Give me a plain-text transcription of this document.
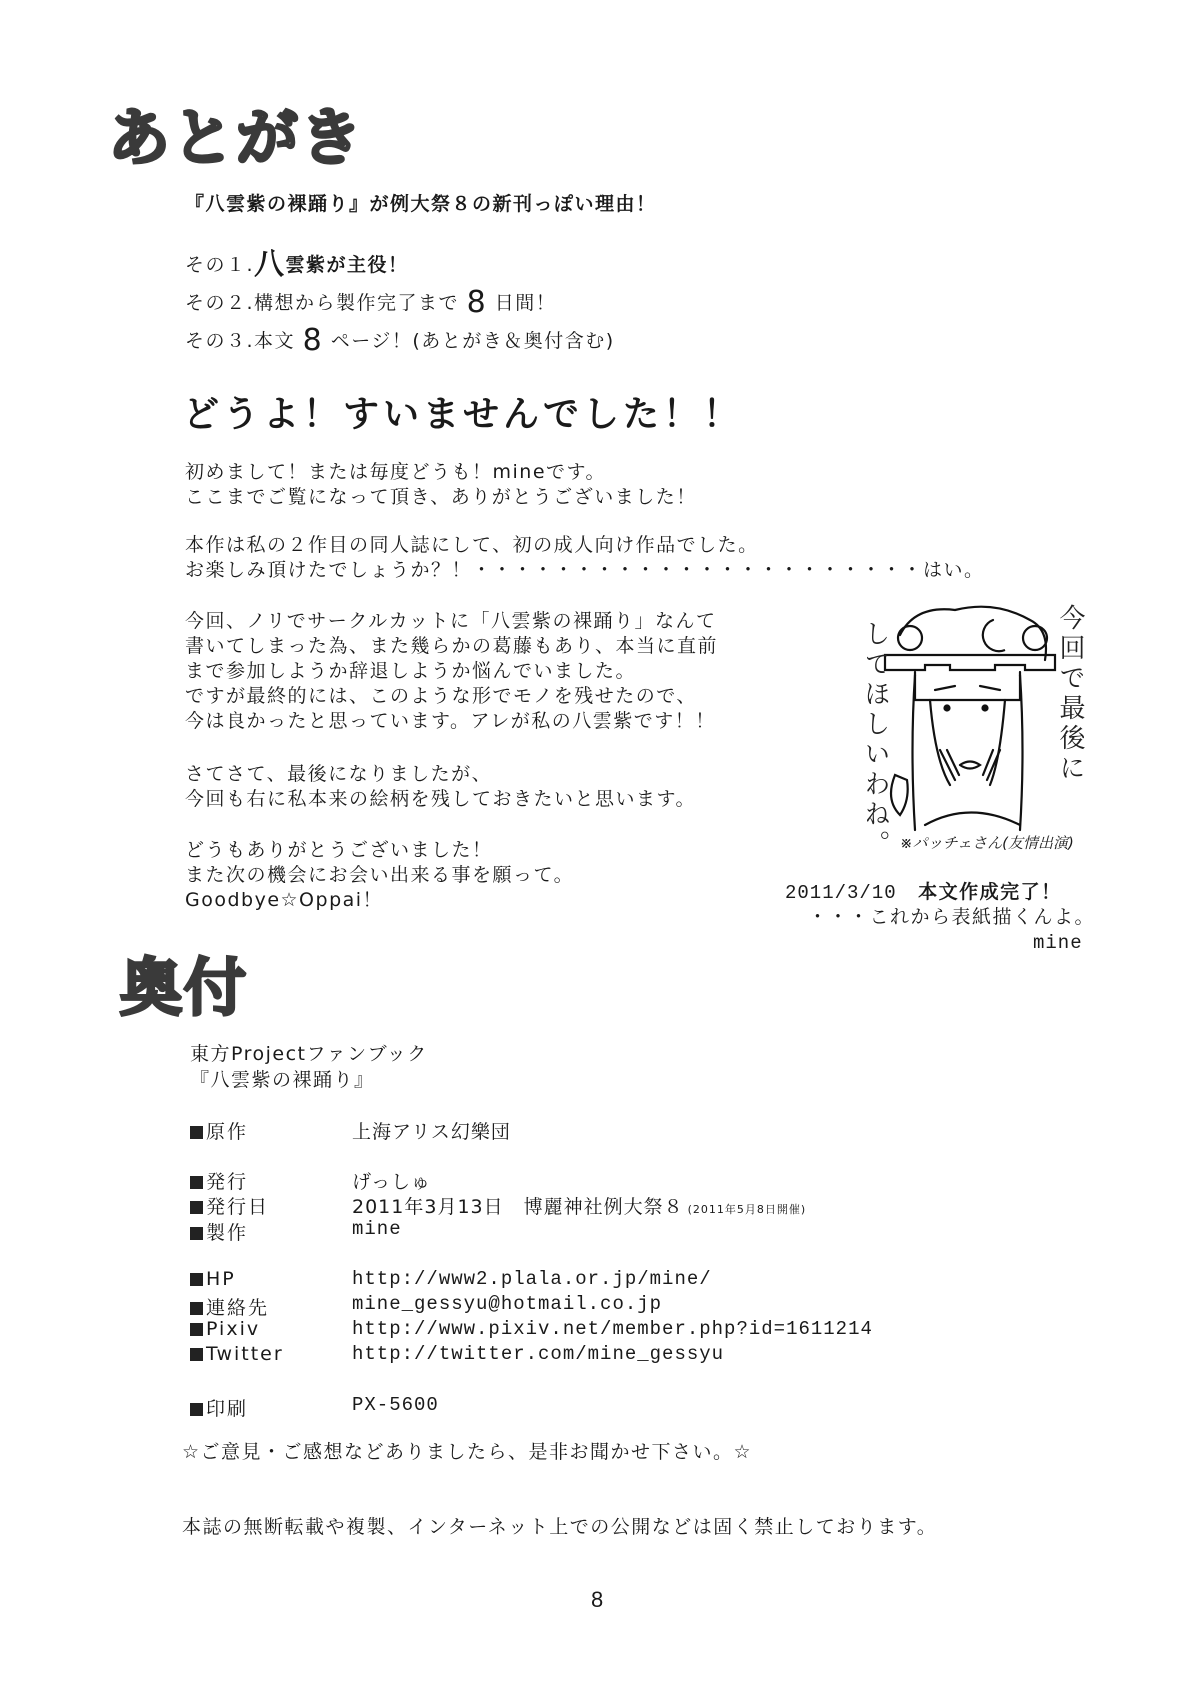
あとがき
『八雲紫の裸踊り』が例大祭８の新刊っぽい理由！
その１.八雲紫が主役！
その２.構想から製作完了まで 8 日間！
その３.本文 8 ページ！(あとがき＆奥付含む)
どうよ！すいませんでした！！
初めまして！または毎度どうも！mineです。
ここまでご覧になって頂き、ありがとうございました！
本作は私の２作目の同人誌にして、初の成人向け作品でした。
お楽しみ頂けたでしょうか？！・・・・・・・・・・・・・・・・・・・・・・はい。
今回、ノリでサークルカットに「八雲紫の裸踊り」なんて
書いてしまった為、また幾らかの葛藤もあり、本当に直前
まで参加しようか辞退しようか悩んでいました。
ですが最終的には、このような形でモノを残せたので、
今は良かったと思っています。アレが私の八雲紫です！！
さてさて、最後になりましたが、
今回も右に私本来の絵柄を残しておきたいと思います。
どうもありがとうございました！
また次の機会にお会い出来る事を願って。
Goodbye☆Oppai！
今回で最後に
してほしいわね。 ※パッチェさん(友情出演)
2011/3/10 本文作成完了！
・・・これから表紙描くんよ。
mine
奥付
東方Projectファンブック
『八雲紫の裸踊り』
原作	上海アリス幻樂団
発行	げっしゅ
発行日	2011年3月13日　博麗神社例大祭８ (2011年5月8日開催)
製作	mine
HP	http://www2.plala.or.jp/mine/
連絡先	mine_gessyu@hotmail.co.jp
Pixiv	http://www.pixiv.net/member.php?id=1611214
Twitter	http://twitter.com/mine_gessyu
印刷	PX-5600
☆ご意見・ご感想などありましたら、是非お聞かせ下さい。☆
本誌の無断転載や複製、インターネット上での公開などは固く禁止しております。
8
